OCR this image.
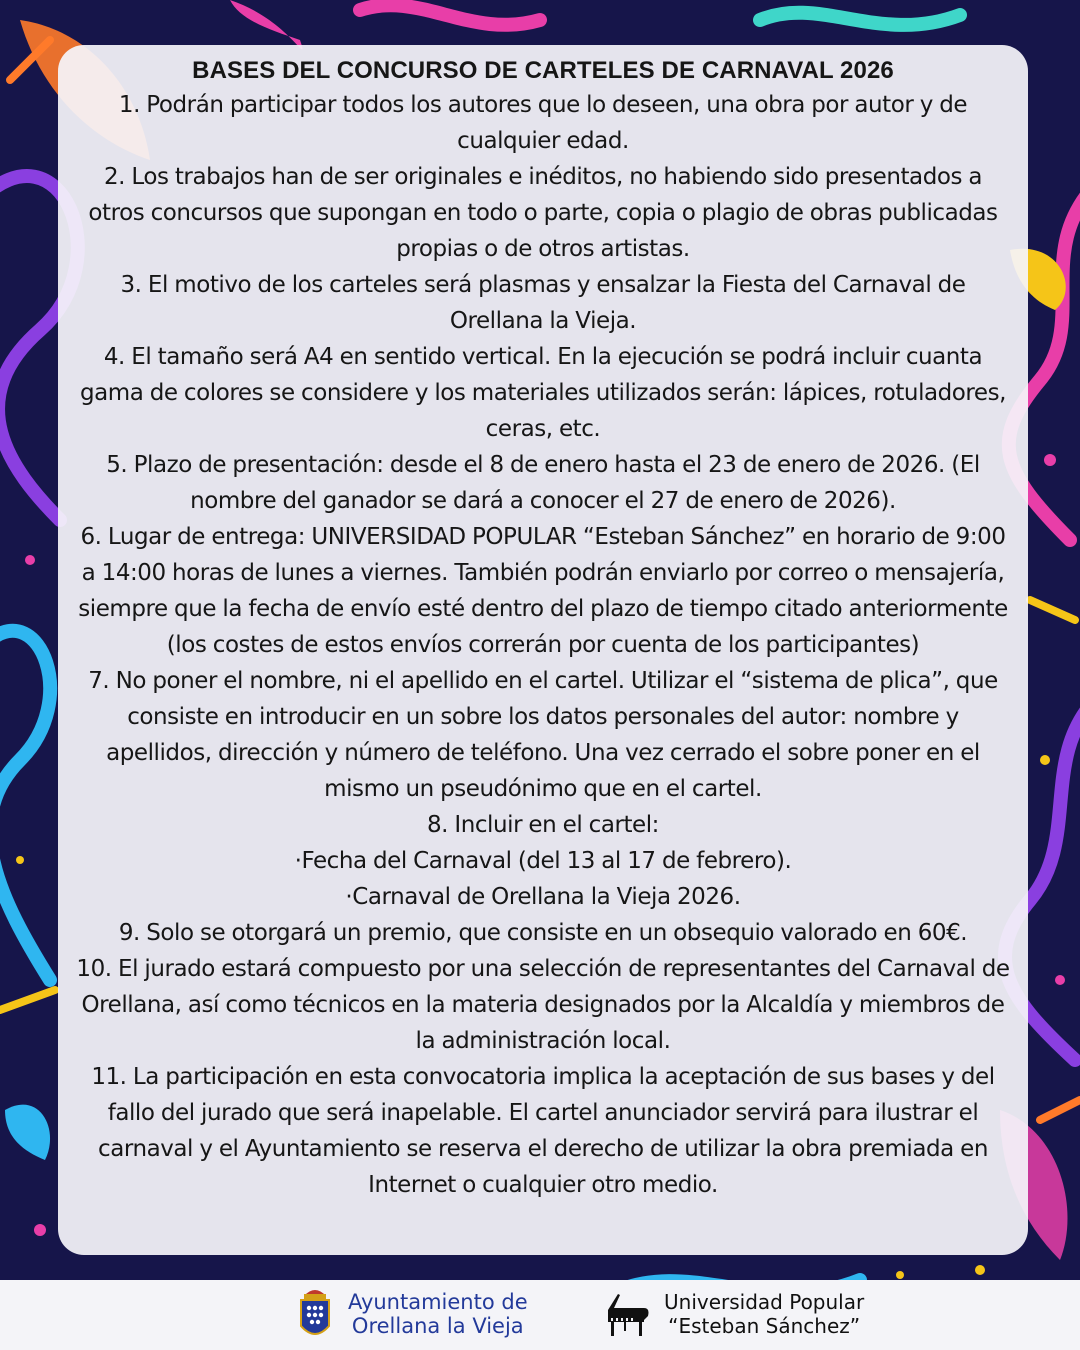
BASES DEL CONCURSO DE CARTELES DE CARNAVAL 2026

1. Podrán participar todos los autores que lo deseen, una obra por autor y de cualquier edad.

2. Los trabajos han de ser originales e inéditos, no habiendo sido presentados a otros concursos que supongan en todo o parte, copia o plagio de obras publicadas propias o de otros artistas.

3. El motivo de los carteles será plasmas y ensalzar la Fiesta del Carnaval de Orellana la Vieja.

4. El tamaño será A4 en sentido vertical. En la ejecución se podrá incluir cuanta gama de colores se considere y los materiales utilizados serán: lápices, rotuladores, ceras, etc.

5. Plazo de presentación: desde el 8 de enero hasta el 23 de enero de 2026. (El nombre del ganador se dará a conocer el 27 de enero de 2026).

6. Lugar de entrega: UNIVERSIDAD POPULAR “Esteban Sánchez” en horario de 9:00 a 14:00 horas de lunes a viernes. También podrán enviarlo por correo o mensajería, siempre que la fecha de envío esté dentro del plazo de tiempo citado anteriormente (los costes de estos envíos correrán por cuenta de los participantes)

7. No poner el nombre, ni el apellido en el cartel. Utilizar el “sistema de plica”, que consiste en introducir en un sobre los datos personales del autor: nombre y apellidos, dirección y número de teléfono. Una vez cerrado el sobre poner en el mismo un pseudónimo que en el cartel.

8. Incluir en el cartel:

·Fecha del Carnaval (del 13 al 17 de febrero).

·Carnaval de Orellana la Vieja 2026.

9. Solo se otorgará un premio, que consiste en un obsequio valorado en 60€.

10. El jurado estará compuesto por una selección de representantes del Carnaval de Orellana, así como técnicos en la materia designados por la Alcaldía y miembros de la administración local.

11. La participación en esta convocatoria implica la aceptación de sus bases y del fallo del jurado que será inapelable. El cartel anunciador servirá para ilustrar el carnaval y el Ayuntamiento se reserva el derecho de utilizar la obra premiada en Internet o cualquier otro medio.

Ayuntamiento de
Orellana la Vieja
Universidad Popular
“Esteban Sánchez”
